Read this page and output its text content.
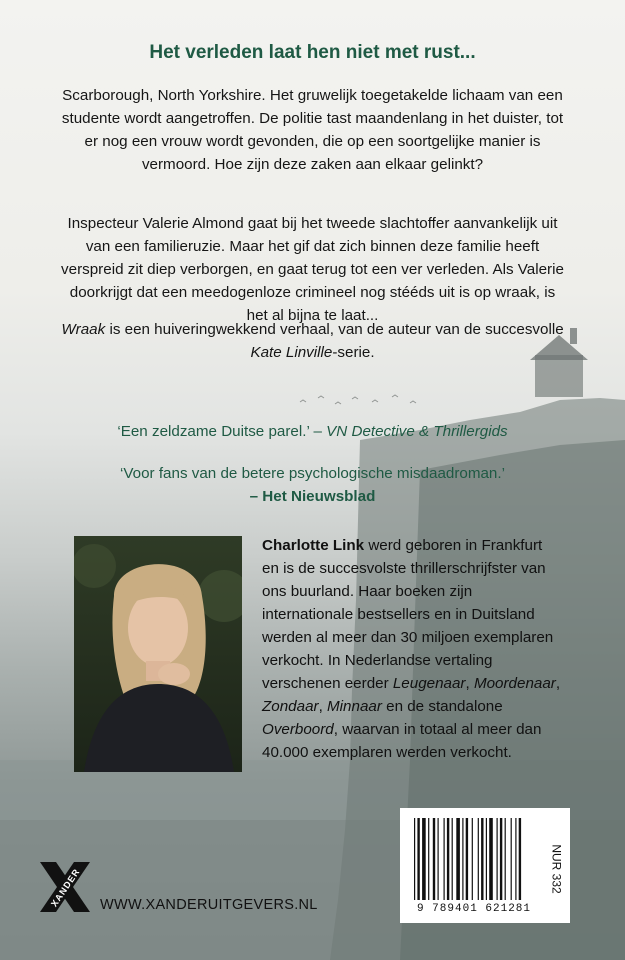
Het verleden laat hen niet met rust...

Scarborough, North Yorkshire. Het gruwelijk toegetakelde lichaam van een studente wordt aangetroffen. De politie tast maandenlang in het duister, tot er nog een vrouw wordt gevonden, die op een soortgelijke manier is vermoord. Hoe zijn deze zaken aan elkaar gelinkt?

Inspecteur Valerie Almond gaat bij het tweede slachtoffer aanvankelijk uit van een familieruzie. Maar het gif dat zich binnen deze familie heeft verspreid zit diep verborgen, en gaat terug tot een ver verleden. Als Valerie doorkrijgt dat een meedogenloze crimineel nog stééds uit is op wraak, is het al bijna te laat...

Wraak is een huiveringwekkend verhaal, van de auteur van de succesvolle Kate Linville-serie.

‘Een zeldzame Duitse parel.’ – VN Detective & Thrillergids

‘Voor fans van de betere psychologische misdaadroman.’
– Het Nieuwsblad

Charlotte Link werd geboren in Frankfurt en is de succesvolste thrillerschrijfster van ons buurland. Haar boeken zijn internationale bestsellers en in Duitsland werden al meer dan 30 miljoen exemplaren verkocht. In Nederlandse vertaling verschenen eerder Leugenaar, Moordenaar, Zondaar, Minnaar en de standalone Overboord, waarvan in totaal al meer dan 40.000 exemplaren werden verkocht.

9 789401 621281
NUR 332
XANDER WWW.XANDERUITGEVERS.NL
